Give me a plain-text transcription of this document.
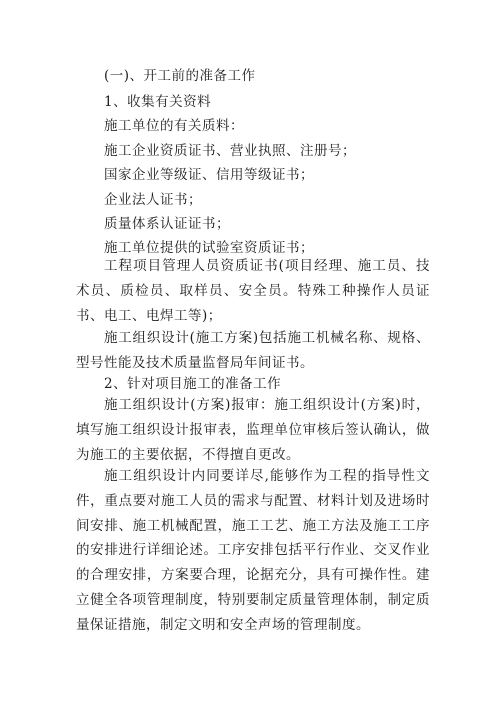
(一)、开工前的准备工作
1、收集有关资料
施工单位的有关质料：
施工企业资质证书、营业执照、注册号；
国家企业等级证、信用等级证书；
企业法人证书；
质量体系认证证书；
施工单位提供的试验室资质证书；
工程项目管理人员资质证书(项目经理、施工员、技术员、质检员、取样员、安全员。特殊工种操作人员证书、电工、电焊工等)；
施工组织设计(施工方案)包括施工机械名称、规格、型号性能及技术质量监督局年间证书。
2、针对项目施工的准备工作
施工组织设计(方案)报审：施工组织设计(方案)时，填写施工组织设计报审表，监理单位审核后签认确认，做为施工的主要依据，不得擅自更改。
施工组织设计内同要详尽,能够作为工程的指导性文件，重点要对施工人员的需求与配置、材料计划及进场时间安排、施工机械配置，施工工艺、施工方法及施工工序的安排进行详细论述。工序安排包括平行作业、交叉作业的合理安排，方案要合理，论据充分，具有可操作性。建立健全各项管理制度，特别要制定质量管理体制，制定质量保证措施，制定文明和安全声场的管理制度。
